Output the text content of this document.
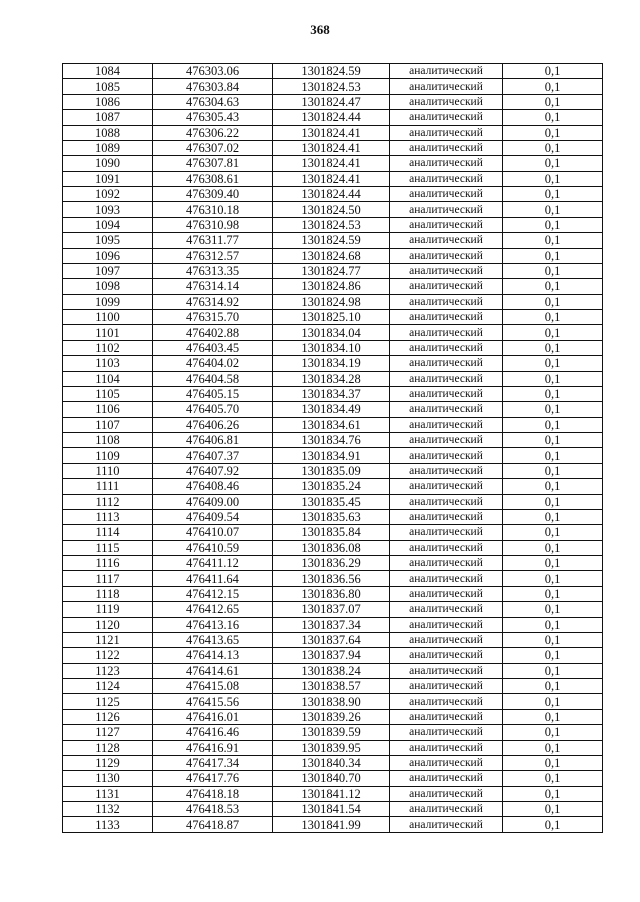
368
1084	476303.06	1301824.59	аналитический	0,1
1085	476303.84	1301824.53	аналитический	0,1
1086	476304.63	1301824.47	аналитический	0,1
1087	476305.43	1301824.44	аналитический	0,1
1088	476306.22	1301824.41	аналитический	0,1
1089	476307.02	1301824.41	аналитический	0,1
1090	476307.81	1301824.41	аналитический	0,1
1091	476308.61	1301824.41	аналитический	0,1
1092	476309.40	1301824.44	аналитический	0,1
1093	476310.18	1301824.50	аналитический	0,1
1094	476310.98	1301824.53	аналитический	0,1
1095	476311.77	1301824.59	аналитический	0,1
1096	476312.57	1301824.68	аналитический	0,1
1097	476313.35	1301824.77	аналитический	0,1
1098	476314.14	1301824.86	аналитический	0,1
1099	476314.92	1301824.98	аналитический	0,1
1100	476315.70	1301825.10	аналитический	0,1
1101	476402.88	1301834.04	аналитический	0,1
1102	476403.45	1301834.10	аналитический	0,1
1103	476404.02	1301834.19	аналитический	0,1
1104	476404.58	1301834.28	аналитический	0,1
1105	476405.15	1301834.37	аналитический	0,1
1106	476405.70	1301834.49	аналитический	0,1
1107	476406.26	1301834.61	аналитический	0,1
1108	476406.81	1301834.76	аналитический	0,1
1109	476407.37	1301834.91	аналитический	0,1
1110	476407.92	1301835.09	аналитический	0,1
1111	476408.46	1301835.24	аналитический	0,1
1112	476409.00	1301835.45	аналитический	0,1
1113	476409.54	1301835.63	аналитический	0,1
1114	476410.07	1301835.84	аналитический	0,1
1115	476410.59	1301836.08	аналитический	0,1
1116	476411.12	1301836.29	аналитический	0,1
1117	476411.64	1301836.56	аналитический	0,1
1118	476412.15	1301836.80	аналитический	0,1
1119	476412.65	1301837.07	аналитический	0,1
1120	476413.16	1301837.34	аналитический	0,1
1121	476413.65	1301837.64	аналитический	0,1
1122	476414.13	1301837.94	аналитический	0,1
1123	476414.61	1301838.24	аналитический	0,1
1124	476415.08	1301838.57	аналитический	0,1
1125	476415.56	1301838.90	аналитический	0,1
1126	476416.01	1301839.26	аналитический	0,1
1127	476416.46	1301839.59	аналитический	0,1
1128	476416.91	1301839.95	аналитический	0,1
1129	476417.34	1301840.34	аналитический	0,1
1130	476417.76	1301840.70	аналитический	0,1
1131	476418.18	1301841.12	аналитический	0,1
1132	476418.53	1301841.54	аналитический	0,1
1133	476418.87	1301841.99	аналитический	0,1
